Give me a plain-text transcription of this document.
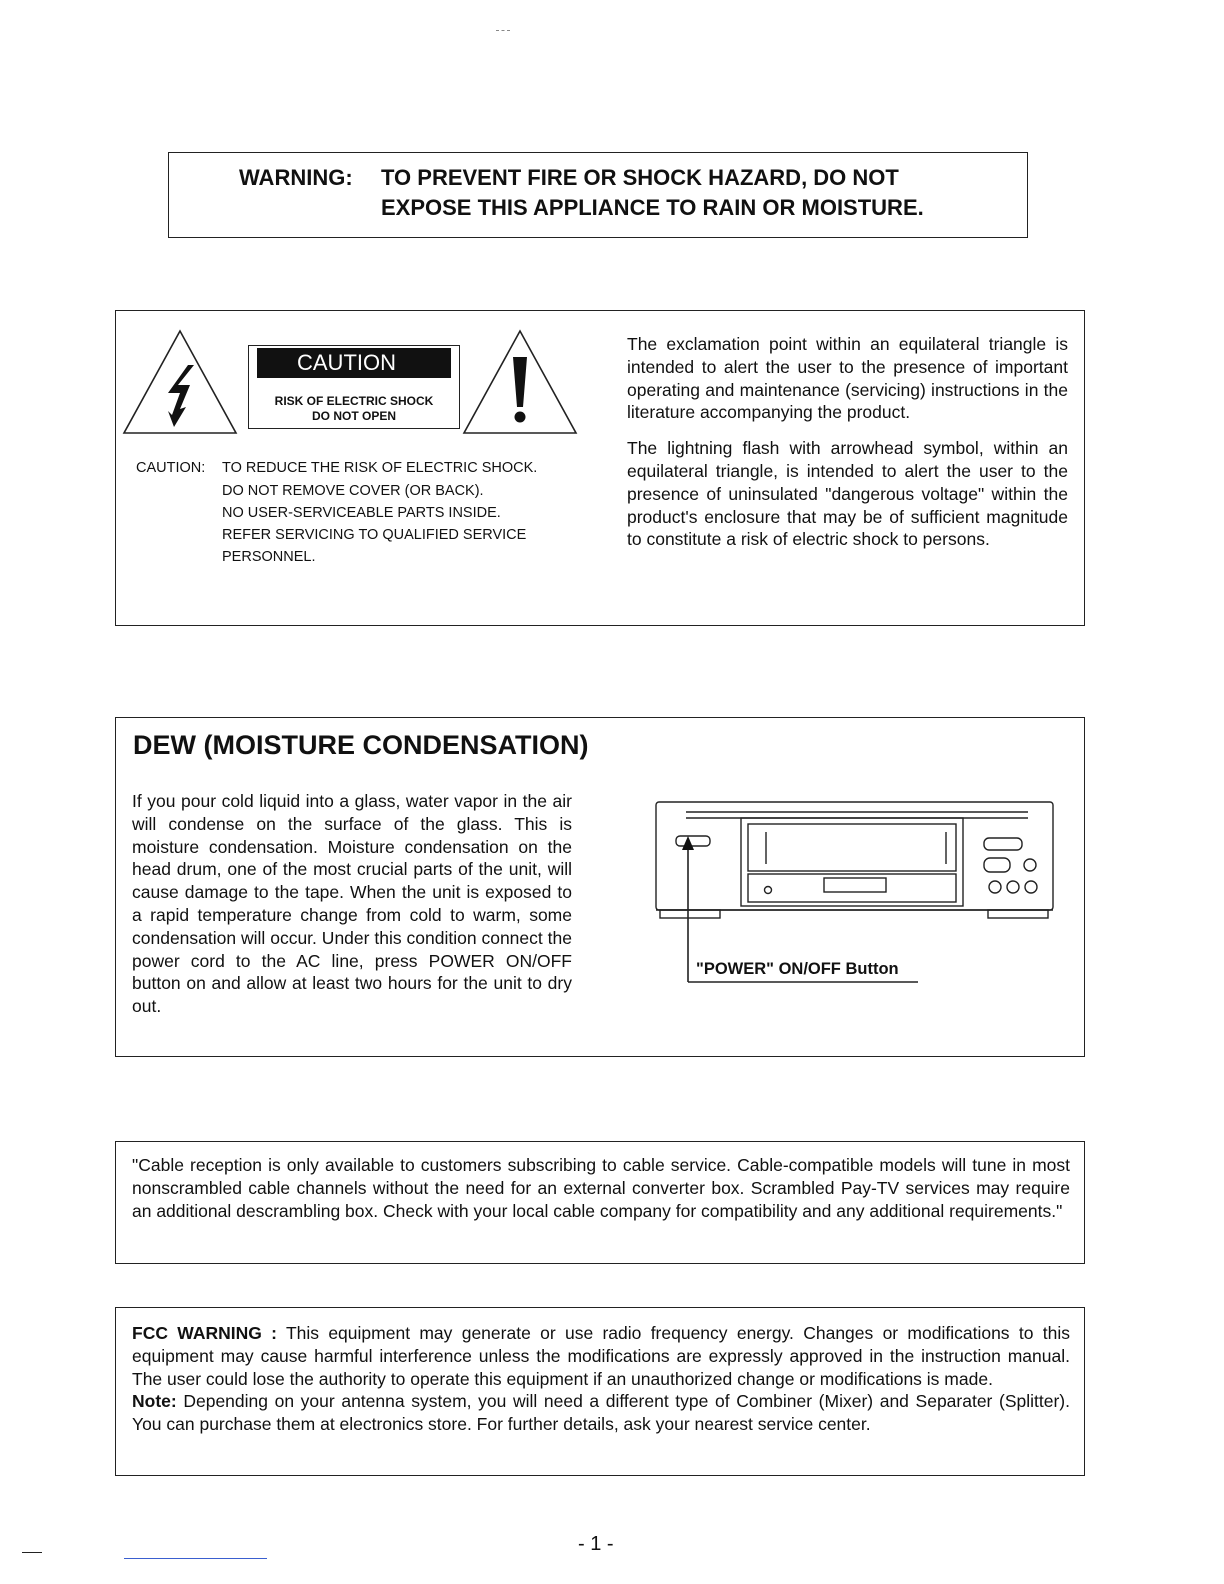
WARNING: TO PREVENT FIRE OR SHOCK HAZARD, DO NOT
EXPOSE THIS APPLIANCE TO RAIN OR MOISTURE.
CAUTION
RISK OF ELECTRIC SHOCK
DO NOT OPEN
CAUTION: TO REDUCE THE RISK OF ELECTRIC SHOCK.
DO NOT REMOVE COVER (OR BACK).
NO USER-SERVICEABLE PARTS INSIDE.
REFER SERVICING TO QUALIFIED SERVICE
PERSONNEL.

The exclamation point within an equilateral triangle is intended to alert the user to the presence of important operating and maintenance (servicing) instructions in the literature accompanying the product.

The lightning flash with arrowhead symbol, within an equilateral triangle, is intended to alert the user to the presence of uninsulated "dangerous voltage" within the product's enclosure that may be of sufficient magnitude to constitute a risk of electric shock to persons.

DEW (MOISTURE CONDENSATION)

If you pour cold liquid into a glass, water vapor in the air will condense on the surface of the glass. This is moisture condensation. Moisture condensation on the head drum, one of the most crucial parts of the unit, will cause damage to the tape. When the unit is exposed to a rapid temperature change from cold to warm, some condensation will occur. Under this condition connect the power cord to the AC line, press POWER ON/OFF button on and allow at least two hours for the unit to dry out.

"POWER" ON/OFF Button

"Cable reception is only available to customers subscribing to cable service. Cable-compatible models will tune in most nonscrambled cable channels without the need for an external converter box. Scrambled Pay-TV services may require an additional descrambling box. Check with your local cable company for compatibility and any additional requirements."

FCC WARNING : This equipment may generate or use radio frequency energy. Changes or modifications to this equipment may cause harmful interference unless the modifications are expressly approved in the instruction manual. The user could lose the authority to operate this equipment if an unauthorized change or modifications is made.
Note: Depending on your antenna system, you will need a different type of Combiner (Mixer) and Separater (Splitter). You can purchase them at electronics store. For further details, ask your nearest service center.

- 1 -
